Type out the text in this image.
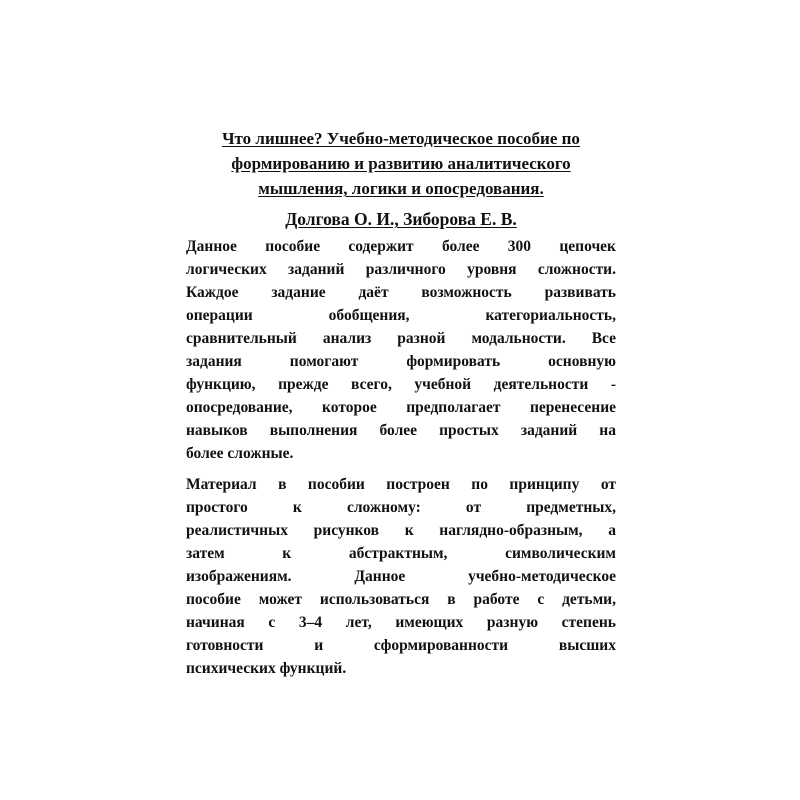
Что лишнее? Учебно-методическое пособие по
формированию и развитию аналитического
мышления, логики и опосредования.

Долгова О. И., Зиборова Е. В.

Данное пособие содержит более 300 цепочек
логических заданий различного уровня сложности.
Каждое задание даёт возможность развивать
операции обобщения, категориальность,
сравнительный анализ разной модальности. Все
задания помогают формировать основную
функцию, прежде всего, учебной деятельности -
опосредование, которое предполагает перенесение
навыков выполнения более простых заданий на
более сложные.

Материал в пособии построен по принципу от
простого к сложному: от предметных,
реалистичных рисунков к наглядно-образным, а
затем к абстрактным, символическим
изображениям. Данное учебно-методическое
пособие может использоваться в работе с детьми,
начиная с 3–4 лет, имеющих разную степень
готовности и сформированности высших
психических функций.
